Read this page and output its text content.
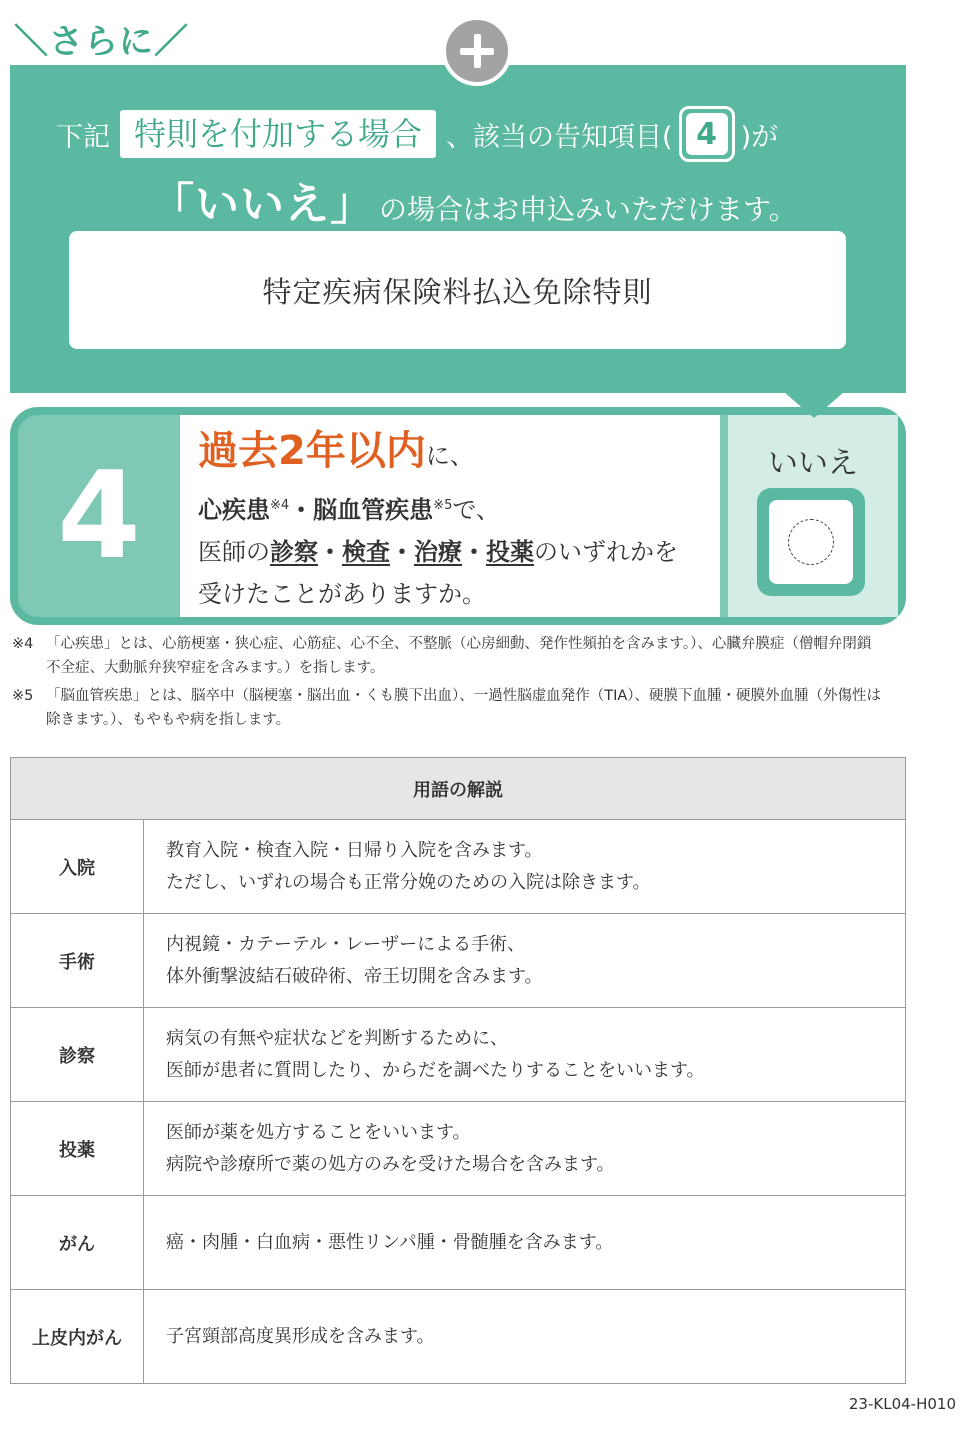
＼さらに／
下記 特則を付加する場合 、該当の告知項目( 4 )が
「いいえ」 の場合はお申込みいただけます。
特定疾病保険料払込免除特則
4	過去2年以内に、
心疾患$^{※4}$・脳血管疾患$^{※5}$で、
医師の診察・検査・治療・投薬のいずれかを
受けたことがありますか。
いいえ
※4 「心疾患」とは、心筋梗塞・狭心症、心筋症、心不全、不整脈（心房細動、発作性頻拍を含みます。）、心臓弁膜症（僧帽弁閉鎖
不全症、大動脈弁狭窄症を含みます。）を指します。
※5 「脳血管疾患」とは、脳卒中（脳梗塞・脳出血・くも膜下出血）、一過性脳虚血発作（TIA）、硬膜下血腫・硬膜外血腫（外傷性は
除きます。）、もやもや病を指します。
用語の解説	
入院	教育入院・検査入院・日帰り入院を含みます。
ただし、いずれの場合も正常分娩のための入院は除きます。

手術	内視鏡・カテーテル・レーザーによる手術、
体外衝撃波結石破砕術、帝王切開を含みます。

診察	病気の有無や症状などを判断するために、
医師が患者に質問したり、からだを調べたりすることをいいます。

投薬	医師が薬を処方することをいいます。
病院や診療所で薬の処方のみを受けた場合を含みます。

がん	癌・肉腫・白血病・悪性リンパ腫・骨髄腫を含みます。

上皮内がん	子宮頸部高度異形成を含みます。
23-KL04-H010
